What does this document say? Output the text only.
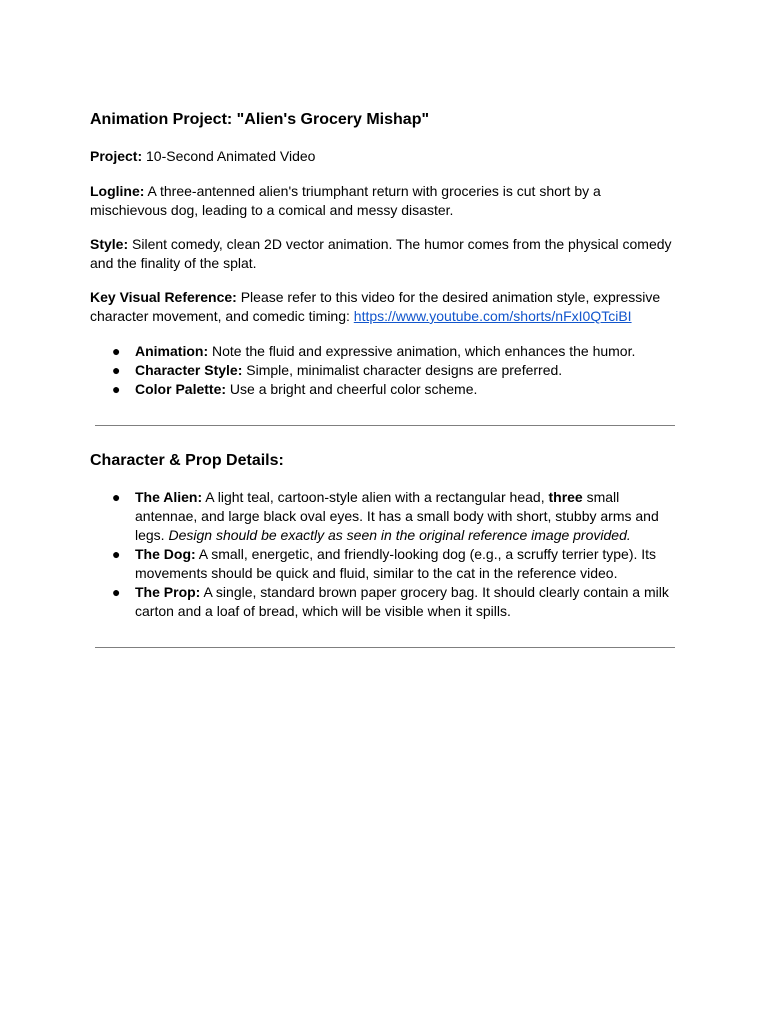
Animation Project: "Alien's Grocery Mishap"

Project: 10-Second Animated Video

Logline: A three-antenned alien's triumphant return with groceries is cut short by a mischievous dog, leading to a comical and messy disaster.

Style: Silent comedy, clean 2D vector animation. The humor comes from the physical comedy and the finality of the splat.

Key Visual Reference: Please refer to this video for the desired animation style, expressive character movement, and comedic timing: https://www.youtube.com/shorts/nFxI0QTciBI

● Animation: Note the fluid and expressive animation, which enhances the humor.
● Character Style: Simple, minimalist character designs are preferred.
● Color Palette: Use a bright and cheerful color scheme.
Character & Prop Details:
● The Alien: A light teal, cartoon-style alien with a rectangular head, three small antennae, and large black oval eyes. It has a small body with short, stubby arms and legs. Design should be exactly as seen in the original reference image provided.
● The Dog: A small, energetic, and friendly-looking dog (e.g., a scruffy terrier type). Its movements should be quick and fluid, similar to the cat in the reference video.
● The Prop: A single, standard brown paper grocery bag. It should clearly contain a milk carton and a loaf of bread, which will be visible when it spills.
